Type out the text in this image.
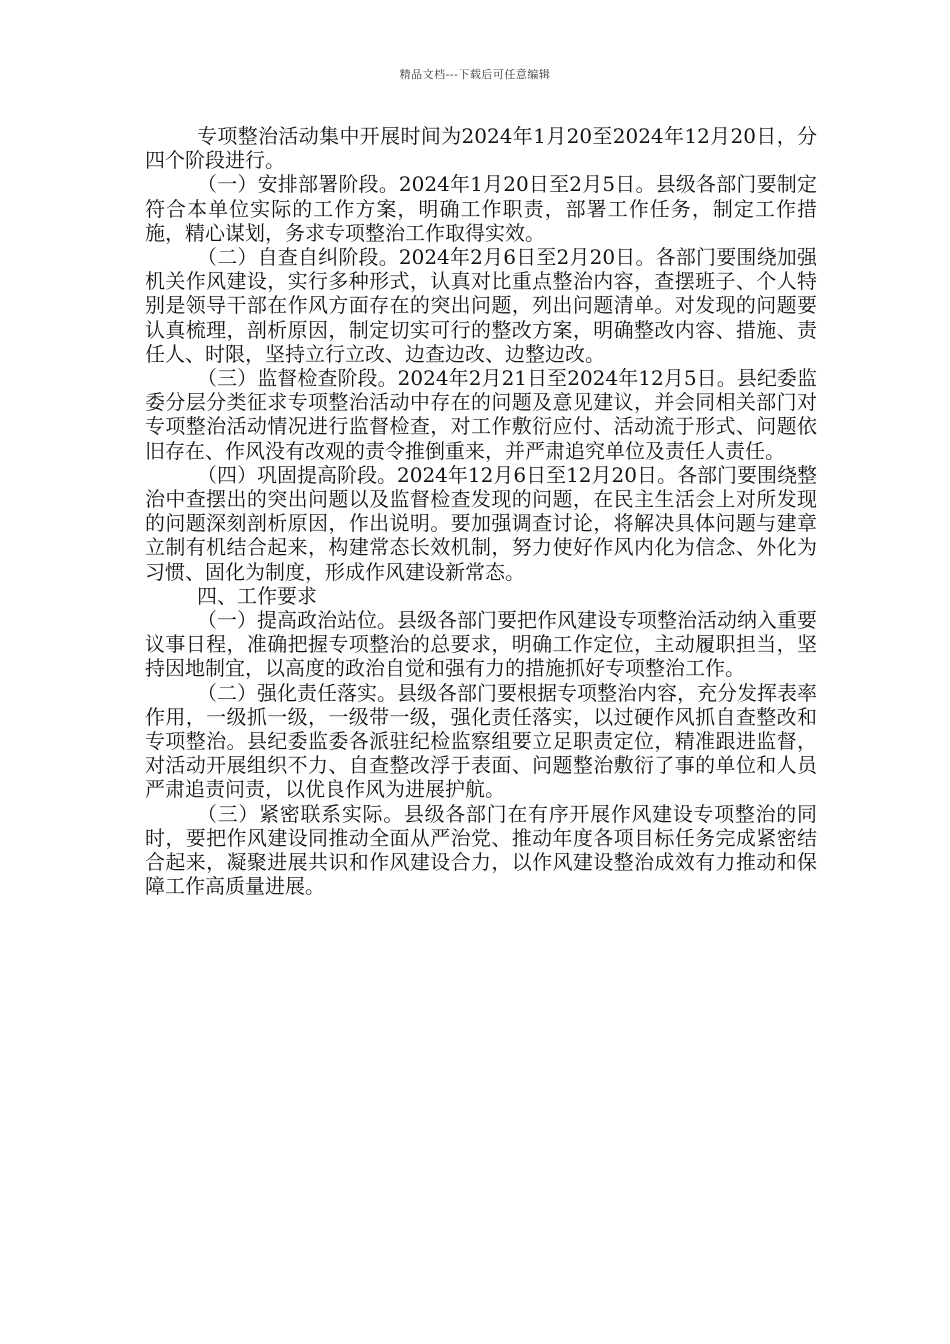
精品文档---下载后可任意编辑

专项整治活动集中开展时间为2024年1月20至2024年12月20日，分四个阶段进行。

（一）安排部署阶段。2024年1月20日至2月5日。县级各部门要制定符合本单位实际的工作方案，明确工作职责，部署工作任务，制定工作措施，精心谋划，务求专项整治工作取得实效。

（二）自查自纠阶段。2024年2月6日至2月20日。各部门要围绕加强机关作风建设，实行多种形式，认真对比重点整治内容，查摆班子、个人特别是领导干部在作风方面存在的突出问题，列出问题清单。对发现的问题要认真梳理，剖析原因，制定切实可行的整改方案，明确整改内容、措施、责任人、时限，坚持立行立改、边查边改、边整边改。

（三）监督检查阶段。2024年2月21日至2024年12月5日。县纪委监委分层分类征求专项整治活动中存在的问题及意见建议，并会同相关部门对专项整治活动情况进行监督检查，对工作敷衍应付、活动流于形式、问题依旧存在、作风没有改观的责令推倒重来，并严肃追究单位及责任人责任。

（四）巩固提高阶段。2024年12月6日至12月20日。各部门要围绕整治中查摆出的突出问题以及监督检查发现的问题，在民主生活会上对所发现的问题深刻剖析原因，作出说明。要加强调查讨论，将解决具体问题与建章立制有机结合起来，构建常态长效机制，努力使好作风内化为信念、外化为习惯、固化为制度，形成作风建设新常态。

四、工作要求

（一）提高政治站位。县级各部门要把作风建设专项整治活动纳入重要议事日程，准确把握专项整治的总要求，明确工作定位，主动履职担当，坚持因地制宜，以高度的政治自觉和强有力的措施抓好专项整治工作。

（二）强化责任落实。县级各部门要根据专项整治内容，充分发挥表率作用，一级抓一级，一级带一级，强化责任落实，以过硬作风抓自查整改和专项整治。县纪委监委各派驻纪检监察组要立足职责定位，精准跟进监督，对活动开展组织不力、自查整改浮于表面、问题整治敷衍了事的单位和人员严肃追责问责，以优良作风为进展护航。

（三）紧密联系实际。县级各部门在有序开展作风建设专项整治的同时，要把作风建设同推动全面从严治党、推动年度各项目标任务完成紧密结合起来，凝聚进展共识和作风建设合力，以作风建设整治成效有力推动和保障工作高质量进展。
